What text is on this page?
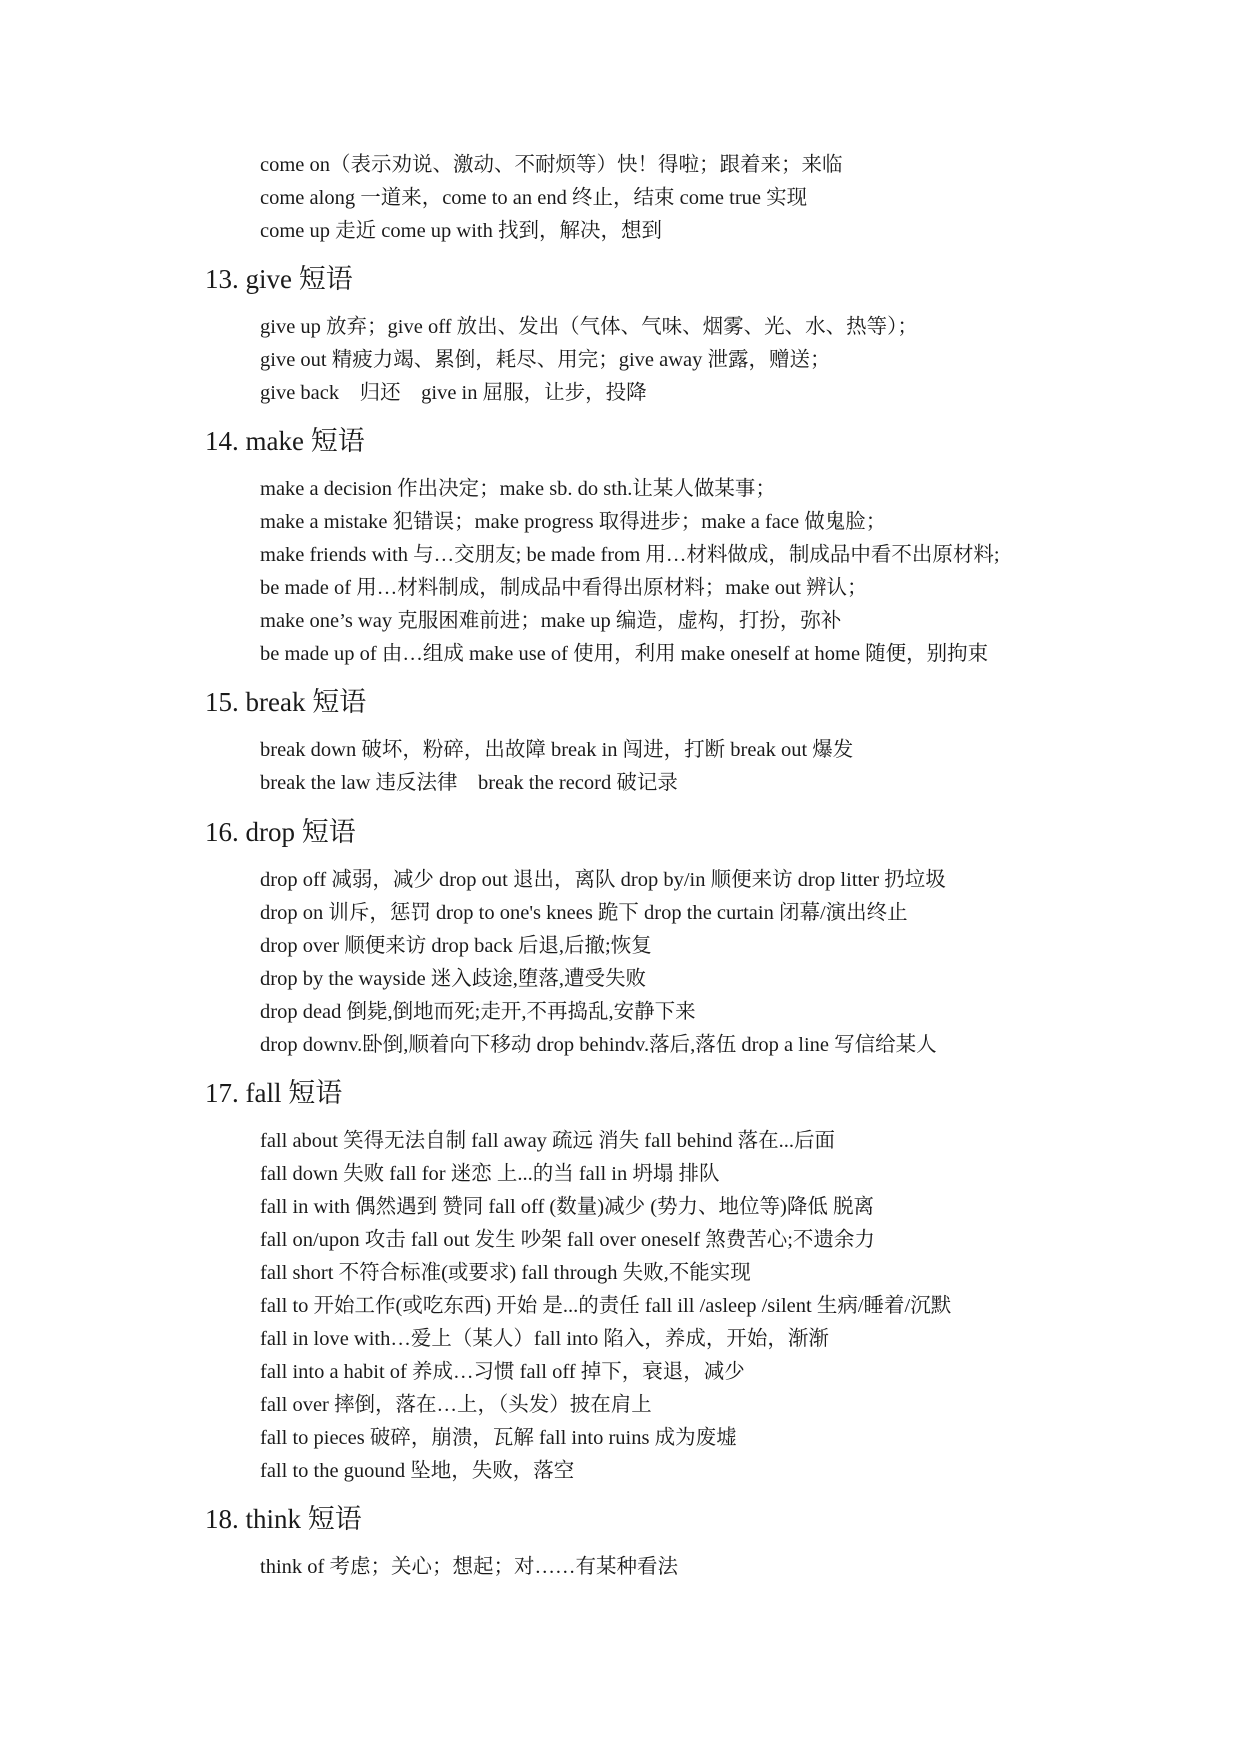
come on（表示劝说、激动、不耐烦等）快！得啦；跟着来；来临
come along 一道来，come to an end 终止，结束 come true 实现
come up 走近 come up with 找到，解决，想到
13. give 短语
give up 放弃；give off 放出、发出（气体、气味、烟雾、光、水、热等）；
give out 精疲力竭、累倒，耗尽、用完；give away 泄露，赠送；
give back　归还　give in 屈服，让步，投降
14. make 短语
make a decision 作出决定；make sb. do sth.让某人做某事；
make a mistake 犯错误；make progress 取得进步；make a face 做鬼脸；
make friends with 与…交朋友; be made from 用…材料做成，制成品中看不出原材料;
be made of 用…材料制成，制成品中看得出原材料；make out 辨认；
make one’s way 克服困难前进；make up 编造，虚构，打扮，弥补
be made up of 由…组成 make use of 使用，利用 make oneself at home 随便，别拘束
15. break 短语
break down 破坏，粉碎，出故障 break in 闯进，打断 break out 爆发
break the law 违反法律　break the record 破记录
16. drop 短语
drop off 减弱，减少 drop out 退出，离队 drop by/in 顺便来访 drop litter 扔垃圾
drop on 训斥，惩罚 drop to one's knees 跪下 drop the curtain 闭幕/演出终止
drop over 顺便来访 drop back 后退,后撤;恢复
drop by the wayside 迷入歧途,堕落,遭受失败
drop dead 倒毙,倒地而死;走开,不再捣乱,安静下来
drop downv.卧倒,顺着向下移动 drop behindv.落后,落伍 drop a line 写信给某人
17. fall 短语
fall about 笑得无法自制 fall away 疏远 消失 fall behind 落在...后面
fall down 失败 fall for 迷恋 上...的当 fall in 坍塌 排队
fall in with 偶然遇到 赞同 fall off (数量)减少 (势力、地位等)降低 脱离
fall on/upon 攻击 fall out 发生 吵架 fall over oneself 煞费苦心;不遗余力
fall short 不符合标准(或要求) fall through 失败,不能实现
fall to 开始工作(或吃东西) 开始 是...的责任 fall ill /asleep /silent 生病/睡着/沉默
fall in love with…爱上（某人）fall into 陷入，养成，开始，渐渐
fall into a habit of 养成…习惯 fall off 掉下，衰退，减少
fall over 摔倒，落在…上，（头发）披在肩上
fall to pieces 破碎，崩溃，瓦解 fall into ruins 成为废墟
fall to the guound 坠地，失败，落空
18. think 短语
think of 考虑；关心；想起；对……有某种看法
